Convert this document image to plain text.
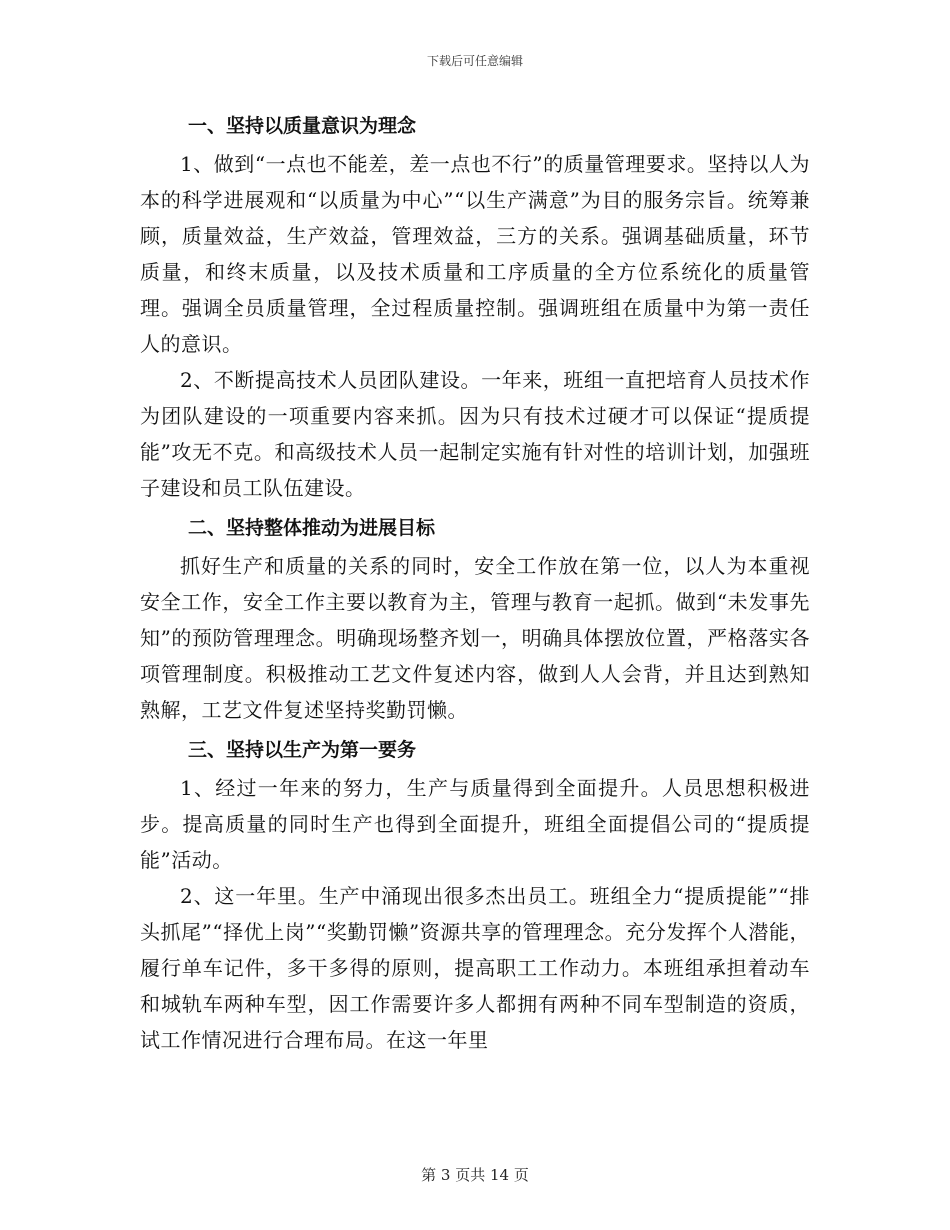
下载后可任意编辑
一、坚持以质量意识为理念

1、做到“一点也不能差，差一点也不行”的质量管理要求。坚持以人为本的科学进展观和“以质量为中心”“以生产满意”为目的服务宗旨。统筹兼顾，质量效益，生产效益，管理效益，三方的关系。强调基础质量，环节质量，和终末质量，以及技术质量和工序质量的全方位系统化的质量管理。强调全员质量管理，全过程质量控制。强调班组在质量中为第一责任人的意识。

2、不断提高技术人员团队建设。一年来，班组一直把培育人员技术作为团队建设的一项重要内容来抓。因为只有技术过硬才可以保证“提质提能”攻无不克。和高级技术人员一起制定实施有针对性的培训计划，加强班子建设和员工队伍建设。

二、坚持整体推动为进展目标

抓好生产和质量的关系的同时，安全工作放在第一位，以人为本重视安全工作，安全工作主要以教育为主，管理与教育一起抓。做到“未发事先知”的预防管理理念。明确现场整齐划一，明确具体摆放位置，严格落实各项管理制度。积极推动工艺文件复述内容，做到人人会背，并且达到熟知熟解，工艺文件复述坚持奖勤罚懒。

三、坚持以生产为第一要务

1、经过一年来的努力，生产与质量得到全面提升。人员思想积极进步。提高质量的同时生产也得到全面提升，班组全面提倡公司的“提质提能”活动。

2、这一年里。生产中涌现出很多杰出员工。班组全力“提质提能”“排头抓尾”“择优上岗”“奖勤罚懒”资源共享的管理理念。充分发挥个人潜能，履行单车记件，多干多得的原则，提高职工工作动力。本班组承担着动车和城轨车两种车型，因工作需要许多人都拥有两种不同车型制造的资质，试工作情况进行合理布局。在这一年里

第 3 页共 14 页
